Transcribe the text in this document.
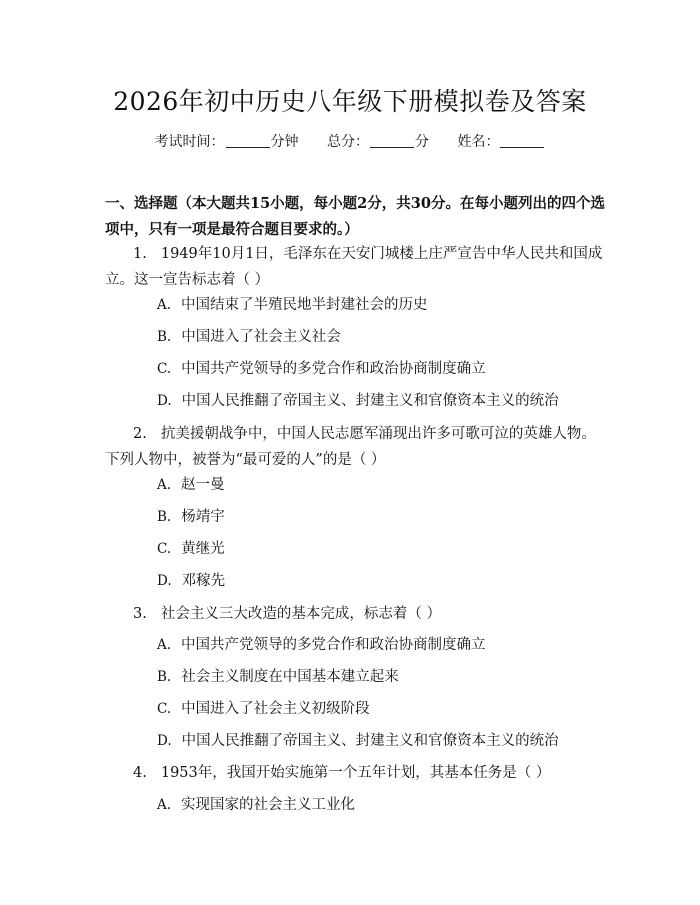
2026年初中历史八年级下册模拟卷及答案
考试时间：	分钟 总分：	分 姓名：
一、选择题（本大题共15小题，每小题2分，共30分。在每小题列出的四个选项中，只有一项是最符合题目要求的。）
1. 1949年10月1日，毛泽东在天安门城楼上庄严宣告中华人民共和国成立。这一宣告标志着（ ）
A. 中国结束了半殖民地半封建社会的历史
B. 中国进入了社会主义社会
C. 中国共产党领导的多党合作和政治协商制度确立
D. 中国人民推翻了帝国主义、封建主义和官僚资本主义的统治
2. 抗美援朝战争中，中国人民志愿军涌现出许多可歌可泣的英雄人物。下列人物中，被誉为“最可爱的人”的是（ ）
A. 赵一曼
B. 杨靖宇
C. 黄继光
D. 邓稼先
3. 社会主义三大改造的基本完成，标志着（ ）
A. 中国共产党领导的多党合作和政治协商制度确立
B. 社会主义制度在中国基本建立起来
C. 中国进入了社会主义初级阶段
D. 中国人民推翻了帝国主义、封建主义和官僚资本主义的统治
4. 1953年，我国开始实施第一个五年计划，其基本任务是（ ）
A. 实现国家的社会主义工业化
